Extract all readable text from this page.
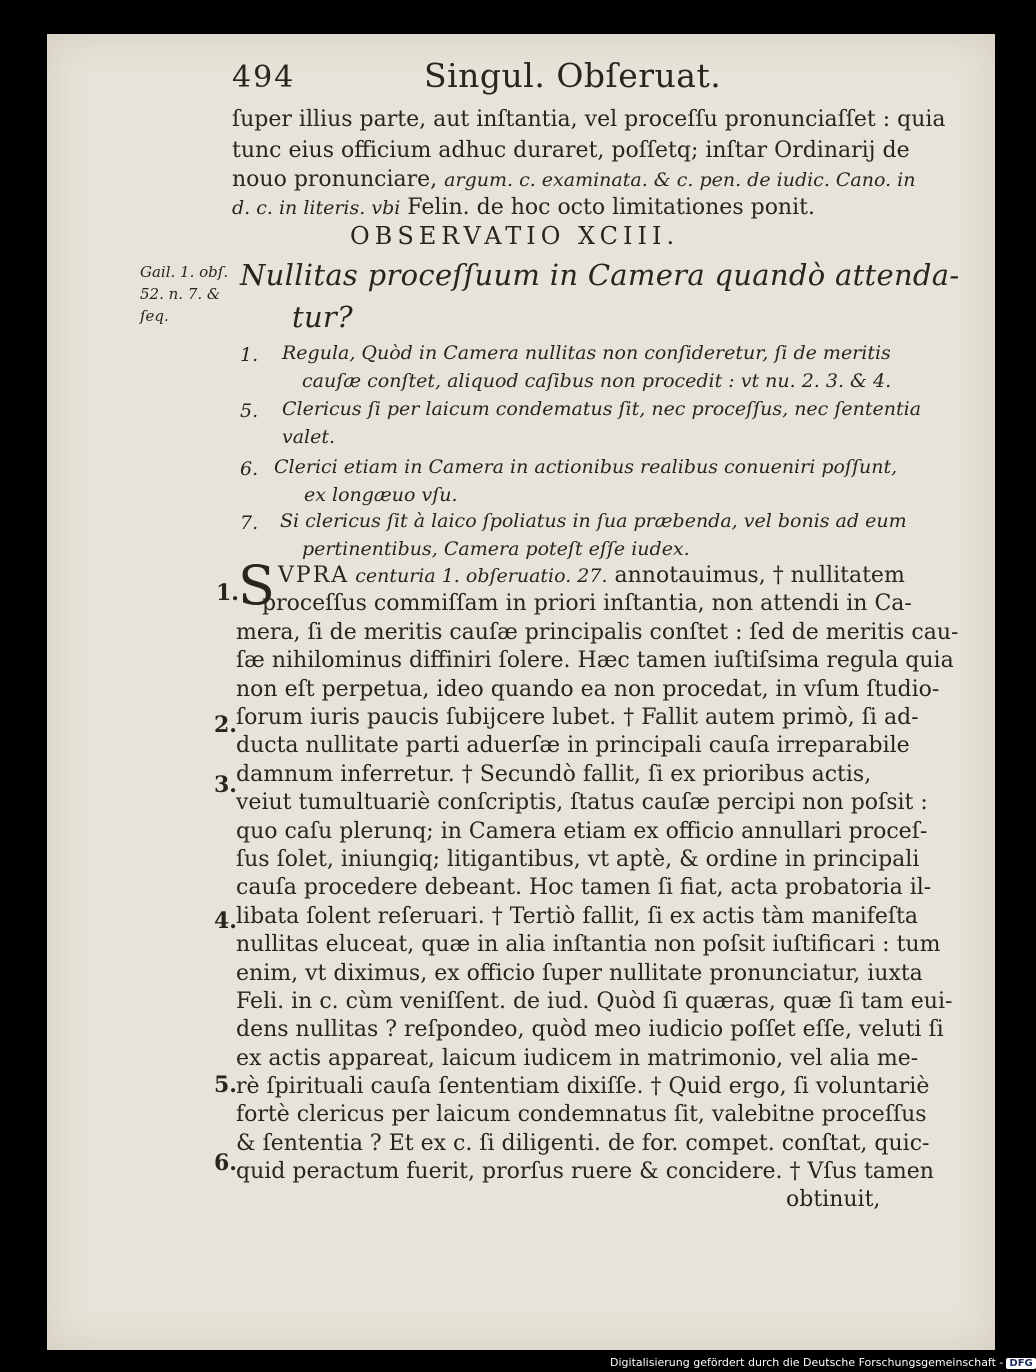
494	Singul. Obſeruat.
ſuper illius parte, aut inſtantia, vel proceſſu pronunciaſſet : quia
tunc eius officium adhuc duraret, poſſetq; inſtar Ordinarij de
nouo pronunciare, argum. c. examinata. & c. pen. de iudic. Cano. in
d. c. in literis. vbi Felin. de hoc octo limitationes ponit.
OBSERVATIO XCIII.
Gail. 1. obſ.
52. n. 7. &
ſeq.
Nullitas proceſſuum in Camera quandò attenda-
tur?
1. Regula, Quòd in Camera nullitas non conſideretur, ſi de meritis
cauſæ conſtet, aliquod caſibus non procedit : vt nu. 2. 3. & 4.
5. Clericus ſi per laicum condematus ſit, nec proceſſus, nec ſententia
valet.
6. Clerici etiam in Camera in actionibus realibus conueniri poſſunt,
ex longæuo vſu.
7. Si clericus ſit à laico ſpoliatus in ſua præbenda, vel bonis ad eum
pertinentibus, Camera poteſt eſſe iudex.
S VPRA centuria 1. obſeruatio. 27. annotauimus, † nullitatem
proceſſus commiſſam in priori inſtantia, non attendi in Ca-
mera, ſi de meritis cauſæ principalis conſtet : ſed de meritis cau-
ſæ nihilominus diffiniri ſolere. Hæc tamen iuſtiſsima regula quia
non eſt perpetua, ideo quando ea non procedat, in vſum ſtudio-
ſorum iuris paucis ſubijcere lubet. † Fallit autem primò, ſi ad-
ducta nullitate parti aduerſæ in principali cauſa irreparabile
damnum inferretur. † Secundò fallit, ſi ex prioribus actis,
veiut tumultuariè conſcriptis, ſtatus cauſæ percipi non poſsit :
quo caſu plerunq; in Camera etiam ex officio annullari proceſ-
ſus ſolet, iniungiq; litigantibus, vt aptè, & ordine in principali
cauſa procedere debeant. Hoc tamen ſi fiat, acta probatoria il-
libata ſolent reſeruari. † Tertiò fallit, ſi ex actis tàm manifeſta
nullitas eluceat, quæ in alia inſtantia non poſsit iuſtificari : tum
enim, vt diximus, ex officio ſuper nullitate pronunciatur, iuxta
Feli. in c. cùm veniſſent. de iud. Quòd ſi quæras, quæ ſi tam eui-
dens nullitas ? reſpondeo, quòd meo iudicio poſſet eſſe, veluti ſi
ex actis appareat, laicum iudicem in matrimonio, vel alia me-
rè ſpirituali cauſa ſententiam dixiſſe. † Quid ergo, ſi voluntariè
fortè clericus per laicum condemnatus ſit, valebitne proceſſus
& ſententia ? Et ex c. ſi diligenti. de for. compet. conſtat, quic-
quid peractum fuerit, prorſus ruere & concidere. † Vſus tamen
obtinuit,
1.
2.
3.
4.
5.
6.
Digitalisierung gefördert durch die Deutsche Forschungsgemeinschaft - DFG
